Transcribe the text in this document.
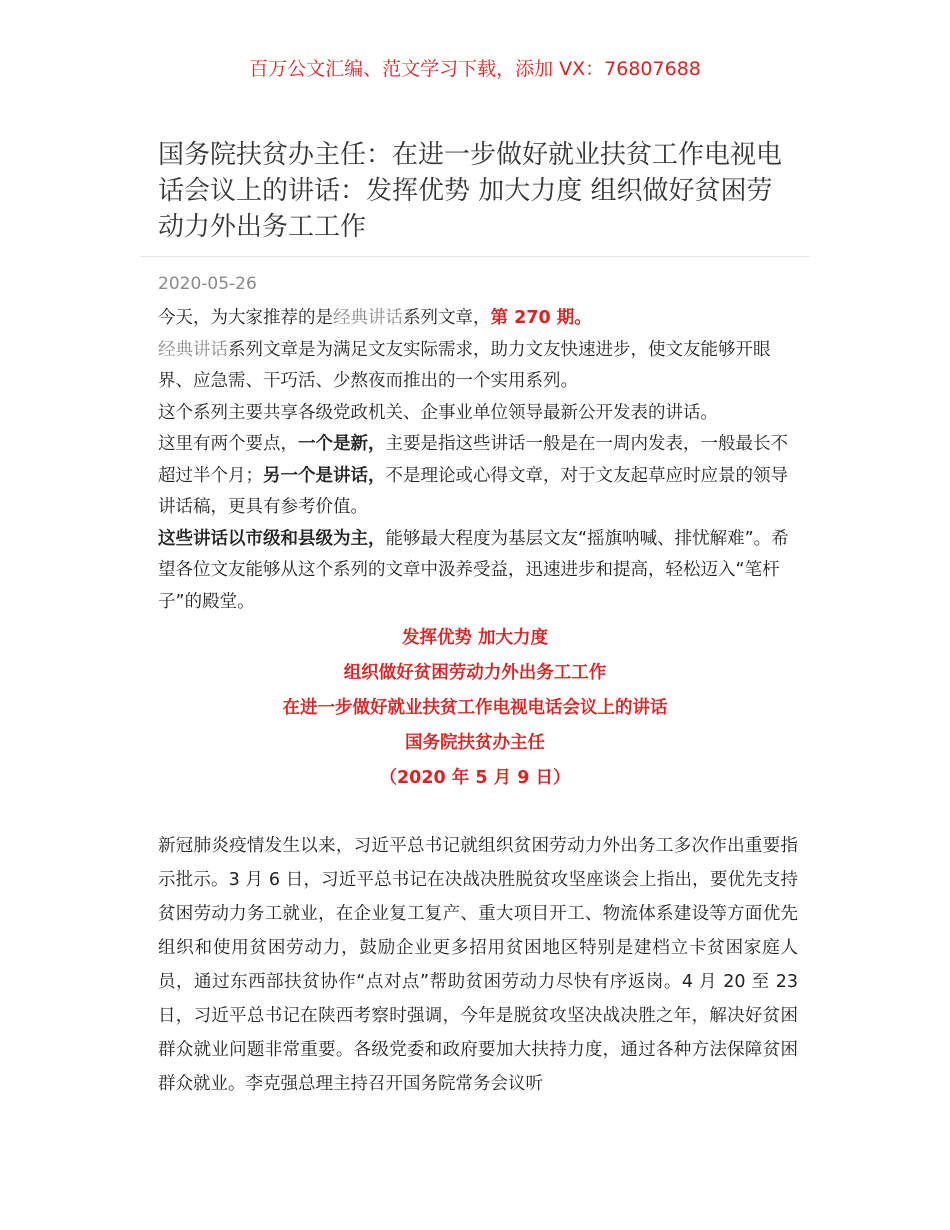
百万公文汇编、范文学习下载，添加 VX：76807688
国务院扶贫办主任：在进一步做好就业扶贫工作电视电话会议上的讲话：发挥优势 加大力度 组织做好贫困劳动力外出务工工作
2020-05-26

今天，为大家推荐的是经典讲话系列文章，第 270 期。

经典讲话系列文章是为满足文友实际需求，助力文友快速进步，使文友能够开眼界、应急需、干巧活、少熬夜而推出的一个实用系列。

这个系列主要共享各级党政机关、企事业单位领导最新公开发表的讲话。

这里有两个要点，一个是新，主要是指这些讲话一般是在一周内发表，一般最长不超过半个月；另一个是讲话，不是理论或心得文章，对于文友起草应时应景的领导讲话稿，更具有参考价值。

这些讲话以市级和县级为主，能够最大程度为基层文友“摇旗呐喊、排忧解难”。希望各位文友能够从这个系列的文章中汲养受益，迅速进步和提高，轻松迈入“笔杆子”的殿堂。

发挥优势 加大力度
组织做好贫困劳动力外出务工工作
在进一步做好就业扶贫工作电视电话会议上的讲话
国务院扶贫办主任
（2020 年 5 月 9 日）

新冠肺炎疫情发生以来，习近平总书记就组织贫困劳动力外出务工多次作出重要指示批示。3 月 6 日，习近平总书记在决战决胜脱贫攻坚座谈会上指出，要优先支持贫困劳动力务工就业，在企业复工复产、重大项目开工、物流体系建设等方面优先组织和使用贫困劳动力，鼓励企业更多招用贫困地区特别是建档立卡贫困家庭人员，通过东西部扶贫协作“点对点”帮助贫困劳动力尽快有序返岗。4 月 20 至 23 日，习近平总书记在陕西考察时强调，今年是脱贫攻坚决战决胜之年，解决好贫困群众就业问题非常重要。各级党委和政府要加大扶持力度，通过各种方法保障贫困群众就业。李克强总理主持召开国务院常务会议听
